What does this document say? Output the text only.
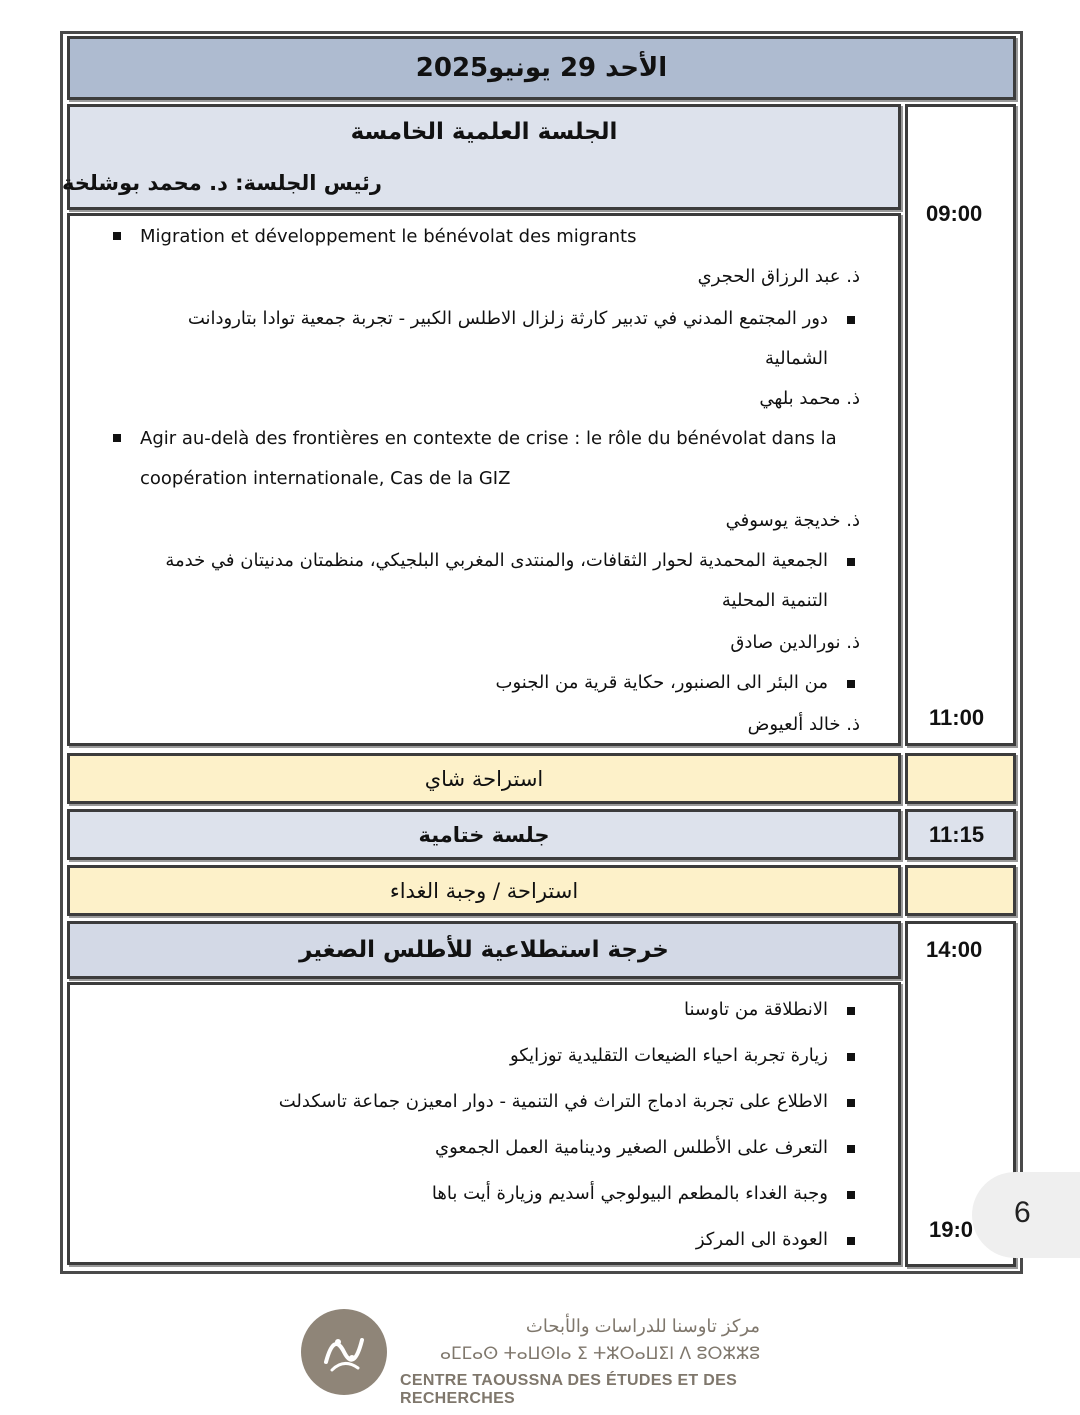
الأحد 29 يونيو2025
الجلسة العلمية الخامسة
رئيس الجلسة: د. محمد بوشلخة
09:00
11:00
Migration et développement le bénévolat des migrants
ذ. عبد الرزاق الحجري
دور المجتمع المدني في تدبير كارثة زلزال الاطلس الكبير - تجربة جمعية توادا بتارودانت
الشمالية
ذ. محمد بلهي
Agir au-delà des frontières en contexte de crise : le rôle du bénévolat dans la
coopération internationale, Cas de la GIZ
ذ. خديجة يوسوفي
الجمعية المحمدية لحوار الثقافات، والمنتدى المغربي البلجيكي، منظمتان مدنيتان في خدمة
التنمية المحلية
ذ. نورالدين صادق
من البئر الى الصنبور، حكاية قرية من الجنوب
ذ. خالد ألعيوض
استراحة شاي
جلسة ختامية	11:15
استراحة / وجبة الغداء
خرجة استطلاعية للأطلس الصغير	14:00
19:0
الانطلاقة من تاوسنا
زيارة تجربة احياء الضيعات التقليدية توزايكو
الاطلاع على تجربة ادماج التراث في التنمية - دوار امعيزن جماعة تاسكدلت
التعرف على الأطلس الصغير ودينامية العمل الجمعوي
وجبة الغداء بالمطعم البيولوجي أسديم وزيارة أيت باها
العودة الى المركز
6
مركز تاوسنا للدراسات والأبحاث
ⴰⵎⵎⴰⵙ ⵜⴰⵡⵙⵏⴰ ⵉ ⵜⵣⵔⴰⵡⵉⵏ ⴷ ⵓⵔⵣⵣⵓ
CENTRE TAOUSSNA DES ÉTUDES ET DES RECHERCHES
